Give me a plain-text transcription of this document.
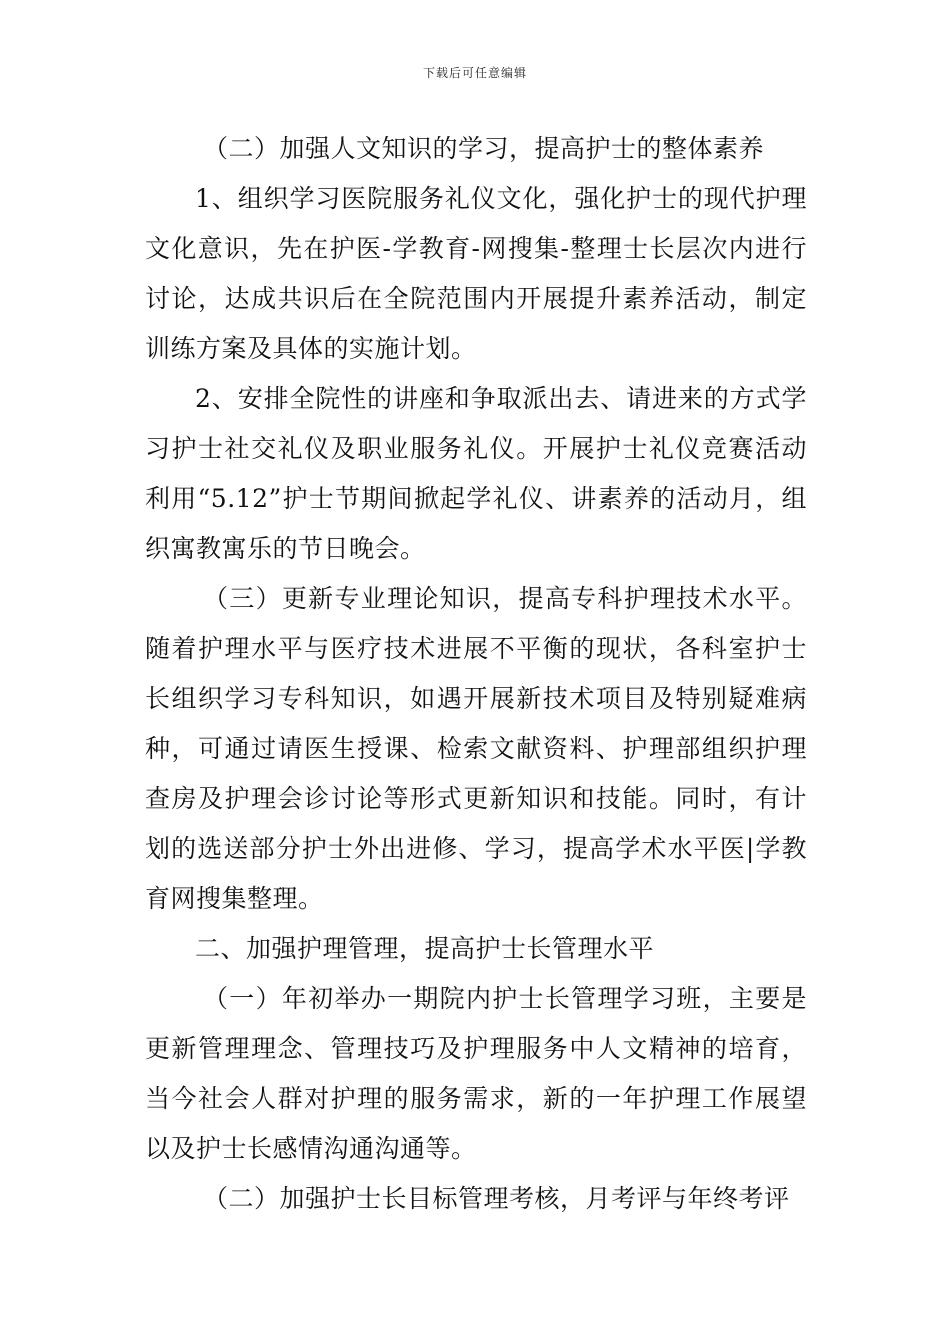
下载后可任意编辑

（二）加强人文知识的学习，提高护士的整体素养

1、组织学习医院服务礼仪文化，强化护士的现代护理文化意识，先在护医-学教育-网搜集-整理士长层次内进行讨论，达成共识后在全院范围内开展提升素养活动，制定训练方案及具体的实施计划。

2、安排全院性的讲座和争取派出去、请进来的方式学习护士社交礼仪及职业服务礼仪。开展护士礼仪竞赛活动利用“5.12”护士节期间掀起学礼仪、讲素养的活动月，组织寓教寓乐的节日晚会。

（三）更新专业理论知识，提高专科护理技术水平。随着护理水平与医疗技术进展不平衡的现状，各科室护士长组织学习专科知识，如遇开展新技术项目及特别疑难病种，可通过请医生授课、检索文献资料、护理部组织护理查房及护理会诊讨论等形式更新知识和技能。同时，有计划的选送部分护士外出进修、学习，提高学术水平医|学教育网搜集整理。

二、加强护理管理，提高护士长管理水平

（一）年初举办一期院内护士长管理学习班，主要是更新管理理念、管理技巧及护理服务中人文精神的培育，当今社会人群对护理的服务需求，新的一年护理工作展望以及护士长感情沟通沟通等。

（二）加强护士长目标管理考核，月考评与年终考评
